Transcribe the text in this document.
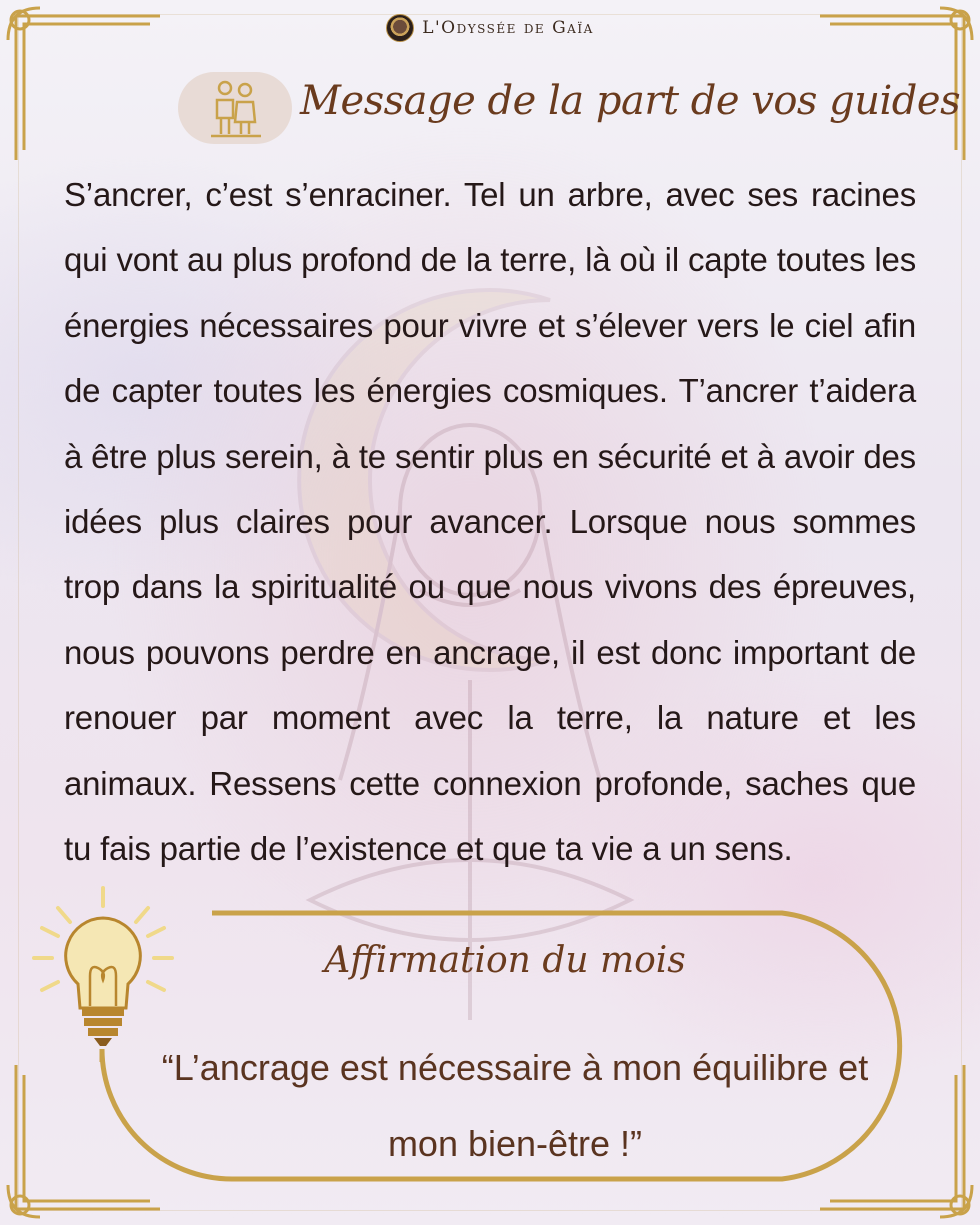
L'Odyssée de Gaïa
Message de la part de vos guides
S’ancrer, c’est s’enraciner. Tel un arbre, avec ses racines qui vont au plus profond de la terre, là où il capte toutes les énergies nécessaires pour vivre et s’élever vers le ciel afin de capter toutes les énergies cosmiques. T’ancrer t’aidera à être plus serein, à te sentir plus en sécurité et à avoir des idées plus claires pour avancer. Lorsque nous sommes trop dans la spiritualité ou que nous vivons des épreuves, nous pouvons perdre en ancrage, il est donc important de renouer par moment avec la terre, la nature et les animaux. Ressens cette connexion profonde, saches que tu fais partie de l’existence et que ta vie a un sens.
Affirmation du mois
“L’ancrage est nécessaire à mon équilibre et mon bien-être !”
